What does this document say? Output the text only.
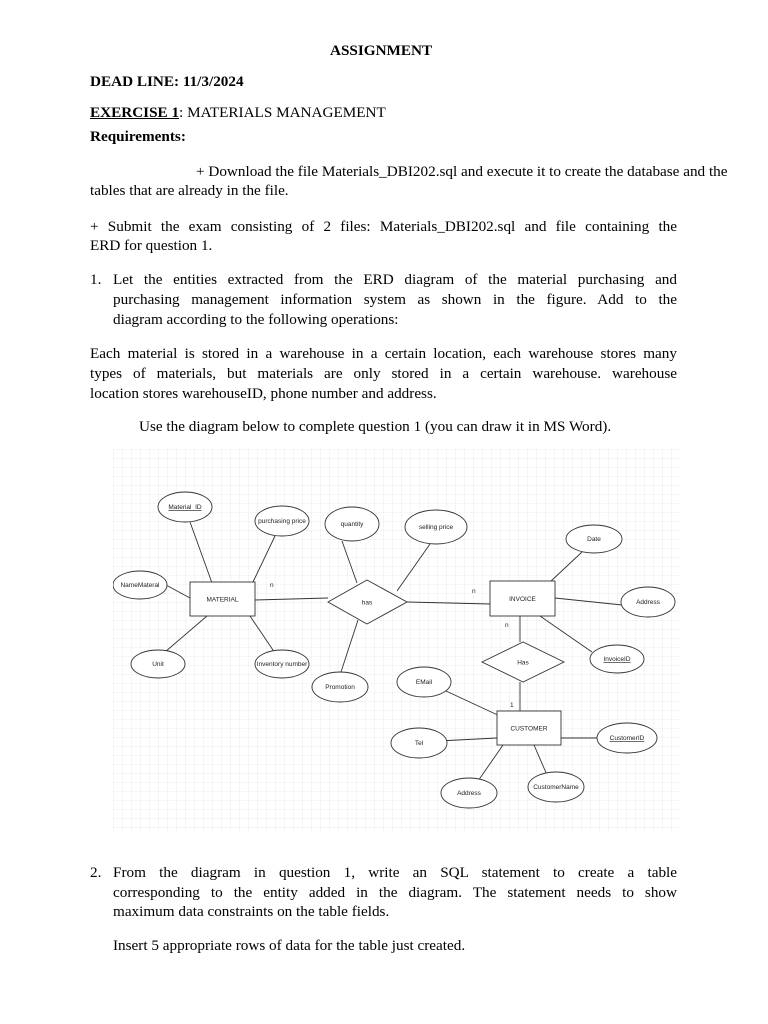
ASSIGNMENT
DEAD LINE: 11/3/2024
EXERCISE 1: MATERIALS MANAGEMENT
Requirements:
+ Download the file Materials_DBI202.sql and execute it to create the database and the
tables that are already in the file.
+ Submit the exam consisting of 2 files: Materials_DBI202.sql and file containing the
ERD for question 1.
1. Let the entities extracted from the ERD diagram of the material purchasing and
purchasing management information system as shown in the figure. Add to the
diagram according to the following operations:
Each material is stored in a warehouse in a certain location, each warehouse stores many
types of materials, but materials are only stored in a certain warehouse. warehouse
location stores warehouseID, phone number and address.
Use the diagram below to complete question 1 (you can draw it in MS Word).
MATERIAL	INVOICE
CUSTOMER
has
Has
Material_ID
purchasing price	quantity	selling price
Date
NameMateral
Address
Unit	Inventory number
Promotion
InvoiceID
EMail
Tel
CustomerID
Address
CustomerName
n
n
n
1
2. From the diagram in question 1, write an SQL statement to create a table
corresponding to the entity added in the diagram. The statement needs to show
maximum data constraints on the table fields.
Insert 5 appropriate rows of data for the table just created.
